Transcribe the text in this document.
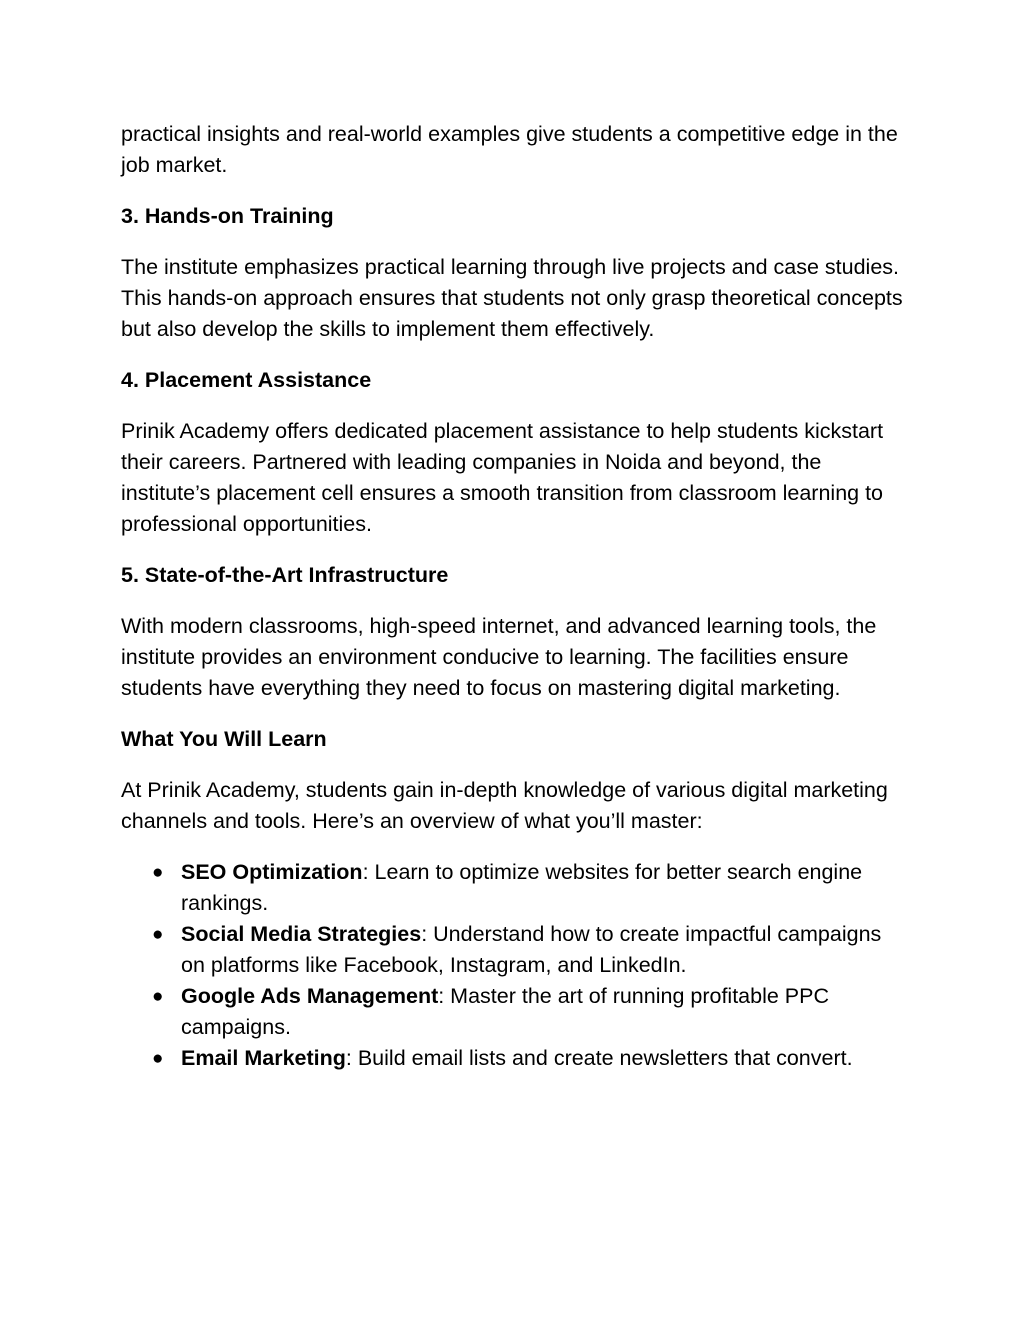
practical insights and real-world examples give students a competitive edge in the job market.

3. Hands-on Training

The institute emphasizes practical learning through live projects and case studies. This hands-on approach ensures that students not only grasp theoretical concepts but also develop the skills to implement them effectively.

4. Placement Assistance

Prinik Academy offers dedicated placement assistance to help students kickstart their careers. Partnered with leading companies in Noida and beyond, the institute’s placement cell ensures a smooth transition from classroom learning to professional opportunities.

5. State-of-the-Art Infrastructure

With modern classrooms, high-speed internet, and advanced learning tools, the institute provides an environment conducive to learning. The facilities ensure students have everything they need to focus on mastering digital marketing.

What You Will Learn

At Prinik Academy, students gain in-depth knowledge of various digital marketing channels and tools. Here’s an overview of what you’ll master:

● SEO Optimization: Learn to optimize websites for better search engine rankings.
● Social Media Strategies: Understand how to create impactful campaigns on platforms like Facebook, Instagram, and LinkedIn.
● Google Ads Management: Master the art of running profitable PPC campaigns.
● Email Marketing: Build email lists and create newsletters that convert.
